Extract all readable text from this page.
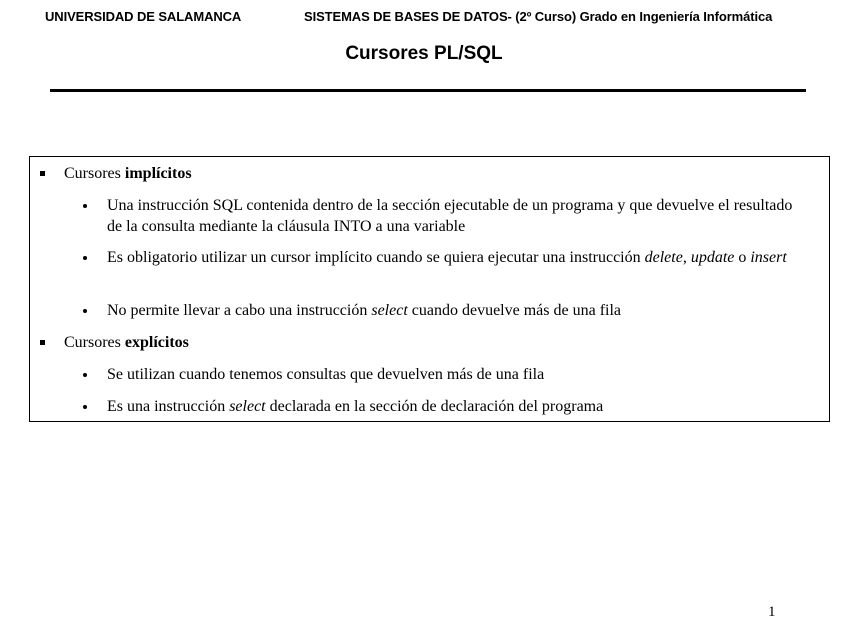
UNIVERSIDAD DE SALAMANCA	SISTEMAS DE BASES DE DATOS- (2º Curso) Grado en Ingeniería Informática
Cursores PL/SQL
Cursores implícitos
Una instrucción SQL contenida dentro de la sección ejecutable de un programa y que devuelve el resultado de la consulta mediante la cláusula INTO a una variable
Es obligatorio utilizar un cursor implícito cuando se quiera ejecutar una instrucción delete, update o insert
No permite llevar a cabo una instrucción select cuando devuelve más de una fila
Cursores explícitos
Se utilizan cuando tenemos consultas que devuelven más de una fila
Es una instrucción select declarada en la sección de declaración del programa
1
